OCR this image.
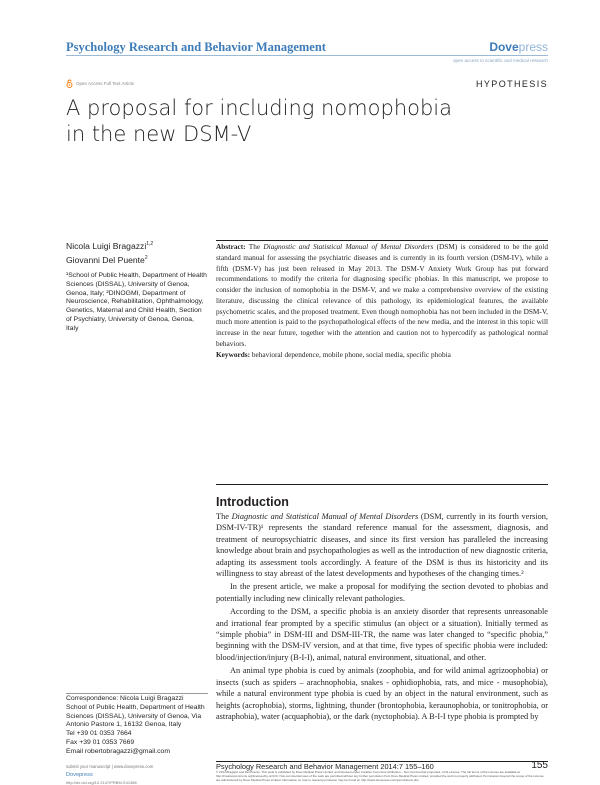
Psychology Research and Behavior Management	Dovepress
open access to scientific and medical research
Open Access Full Text Article	HYPOTHESIS
A proposal for including nomophobia
in the new DSM-V
Nicola Luigi Bragazzi$^{1,2}$
Giovanni Del Puente$^2$

¹School of Public Health, Department of Health Sciences (DISSAL), University of Genoa, Genoa, Italy; ²DINOGMI, Department of Neuroscience, Rehabilitation, Ophthalmology, Genetics, Maternal and Child Health, Section of Psychiatry, University of Genoa, Genoa, Italy

Abstract: The Diagnostic and Statistical Manual of Mental Disorders (DSM) is considered to be the gold standard manual for assessing the psychiatric diseases and is currently in its fourth version (DSM-IV), while a fifth (DSM-V) has just been released in May 2013. The DSM-V Anxiety Work Group has put forward recommendations to modify the criteria for diagnosing specific phobias. In this manuscript, we propose to consider the inclusion of nomophobia in the DSM-V, and we make a comprehensive overview of the existing literature, discussing the clinical relevance of this pathology, its epidemiological features, the available psychometric scales, and the proposed treatment. Even though nomophobia has not been included in the DSM-V, much more attention is paid to the psychopathological effects of the new media, and the interest in this topic will increase in the near future, together with the attention and caution not to hypercodify as pathological normal behaviors.
Keywords: behavioral dependence, mobile phone, social media, specific phobia
Introduction

The Diagnostic and Statistical Manual of Mental Disorders (DSM, currently in its fourth version, DSM-IV-TR)¹ represents the standard reference manual for the assessment, diagnosis, and treatment of neuropsychiatric diseases, and since its first version has paralleled the increasing knowledge about brain and psychopathologies as well as the introduction of new diagnostic criteria, adapting its assessment tools accordingly. A feature of the DSM is thus its historicity and its willingness to stay abreast of the latest developments and hypotheses of the changing times.²

In the present article, we make a proposal for modifying the section devoted to phobias and potentially including new clinically relevant pathologies.

According to the DSM, a specific phobia is an anxiety disorder that represents unreasonable and irrational fear prompted by a specific stimulus (an object or a situation). Initially termed as “simple phobia” in DSM-III and DSM-III-TR, the name was later changed to “specific phobia,” beginning with the DSM-IV version, and at that time, five types of specific phobia were included: blood/injection/injury (B-I-I), animal, natural environment, situational, and other.

An animal type phobia is cued by animals (zoophobia, and for wild animal agrizoophobia) or insects (such as spiders – arachnophobia, snakes - ophidiophobia, rats, and mice - musophobia), while a natural environment type phobia is cued by an object in the natural environment, such as heights (acrophobia), storms, lightning, thunder (brontophobia, keraunophobia, or tonitrophobia, or astraphobia), water (acquaphobia), or the dark (nyctophobia). A B-I-I type phobia is prompted by

Correspondence: Nicola Luigi Bragazzi

School of Public Health, Department of Health Sciences (DISSAL), University of Genoa, Via Antonio Pastore 1, 16132 Genoa, Italy

Tel +39 01 0353 7664

Fax +39 01 0353 7669

Email robertobragazzi@gmail.com

submit your manuscript | www.dovepress.com
Dovepress
http://dx.doi.org/10.2147/PRBM.S41386
Psychology Research and Behavior Management 2014:7 155–160	155
© 2014 Bragazzi and Del Puente. This work is published by Dove Medical Press Limited, and licensed under Creative Commons Attribution – Non Commercial (unported, v3.0) License. The full terms of the License are available at http://creativecommons.org/licenses/by-nc/3.0/. Non-commercial uses of the work are permitted without any further permission from Dove Medical Press Limited, provided the work is properly attributed. Permissions beyond the scope of the License are administered by Dove Medical Press Limited. Information on how to request permission may be found at: http://www.dovepress.com/permissions.php
